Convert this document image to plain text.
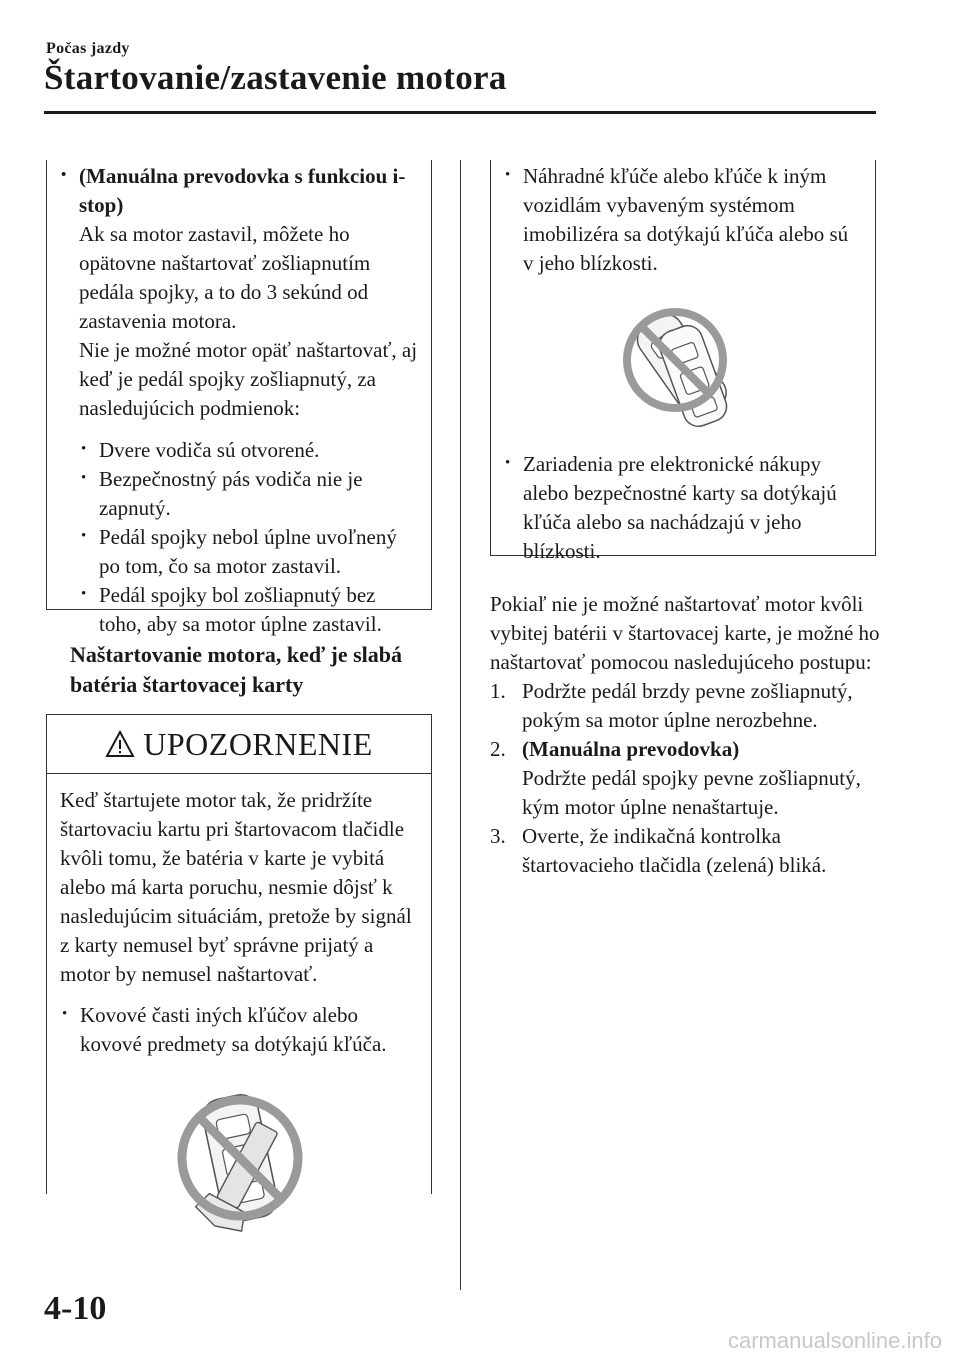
Počas jazdy
Štartovanie/zastavenie motora
• (Manuálna prevodovka s funkciou i-stop)
Ak sa motor zastavil, môžete ho opätovne naštartovať zošliapnutím pedála spojky, a to do 3 sekúnd od zastavenia motora.
Nie je možné motor opäť naštartovať, aj keď je pedál spojky zošliapnutý, za nasledujúcich podmienok:
• Dvere vodiča sú otvorené.
• Bezpečnostný pás vodiča nie je zapnutý.
• Pedál spojky nebol úplne uvoľnený po tom, čo sa motor zastavil.
• Pedál spojky bol zošliapnutý bez toho, aby sa motor úplne zastavil.
Naštartovanie motora, keď je slabá batéria štartovacej karty
UPOZORNENIE
Keď štartujete motor tak, že pridržíte štartovaciu kartu pri štartovacom tlačidle kvôli tomu, že batéria v karte je vybitá alebo má karta poruchu, nesmie dôjsť k nasledujúcim situáciám, pretože by signál z karty nemusel byť správne prijatý a motor by nemusel naštartovať.
• Kovové časti iných kľúčov alebo kovové predmety sa dotýkajú kľúča.
• Náhradné kľúče alebo kľúče k iným vozidlám vybaveným systémom imobilizéra sa dotýkajú kľúča alebo sú v jeho blízkosti.
• Zariadenia pre elektronické nákupy alebo bezpečnostné karty sa dotýkajú kľúča alebo sa nachádzajú v jeho blízkosti.
Pokiaľ nie je možné naštartovať motor kvôli vybitej batérii v štartovacej karte, je možné ho naštartovať pomocou nasledujúceho postupu:
1. Podržte pedál brzdy pevne zošliapnutý, pokým sa motor úplne nerozbehne.
2. (Manuálna prevodovka)
Podržte pedál spojky pevne zošliapnutý, kým motor úplne nenaštartuje.
3. Overte, že indikačná kontrolka štartovacieho tlačidla (zelená) bliká.
4-10
carmanualsonline.info
